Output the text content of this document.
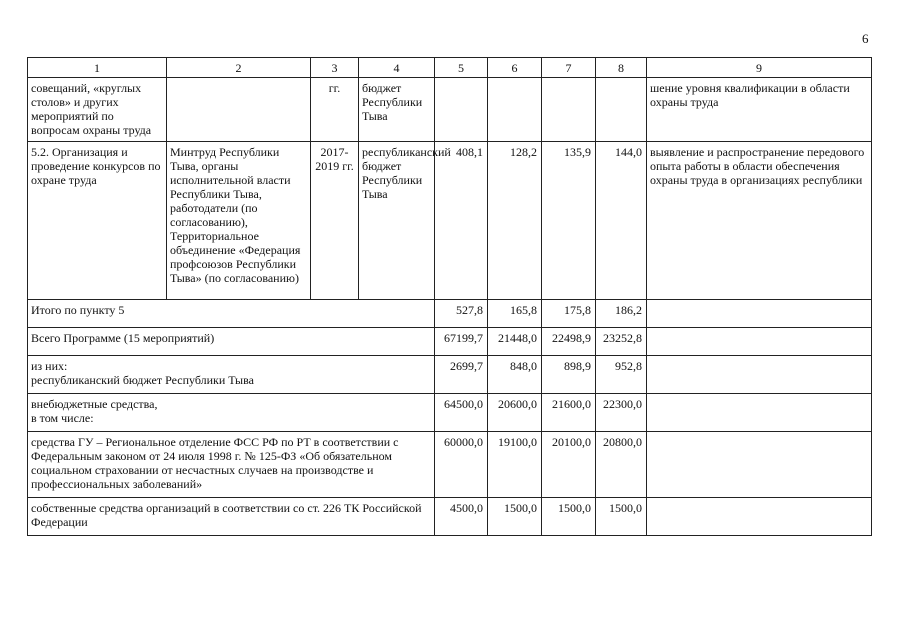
6
1	2	3	4	5	6	7	8	9
совещаний, «круглых столов» и других мероприятий по вопросам охраны труда		гг.	бюджет Республики Тыва					шение уровня квалификации в области охраны труда
5.2. Организация и проведение конкурсов по охране труда	Минтруд Республики Тыва, органы исполнительной власти Республики Тыва, работодатели (по согласованию), Территориальное объединение «Федерация профсоюзов Республики Тыва» (по согласованию)	2017-2019 гг.	республиканский бюджет Республики Тыва	408,1	128,2	135,9	144,0	выявление и распространение передового опыта работы в области обеспечения охраны труда в организациях республики
Итого по пункту 5				527,8	165,8	175,8	186,2	
Всего Программе (15 мероприятий)				67199,7	21448,0	22498,9	23252,8	

из них:
республиканский бюджет Республики Тыва				2699,7	848,0	898,9	952,8	

внебюджетные средства,
в том числе:				64500,0	20600,0	21600,0	22300,0	
средства ГУ – Региональное отделение ФСС РФ по РТ в соответствии с Федеральным законом от 24 июля 1998 г. № 125-ФЗ «Об обязательном социальном страховании от несчастных случаев на производстве и профессиональных заболеваний»				60000,0	19100,0	20100,0	20800,0	
собственные средства организаций в соответствии со ст. 226 ТК Российской Федерации				4500,0	1500,0	1500,0	1500,0	
